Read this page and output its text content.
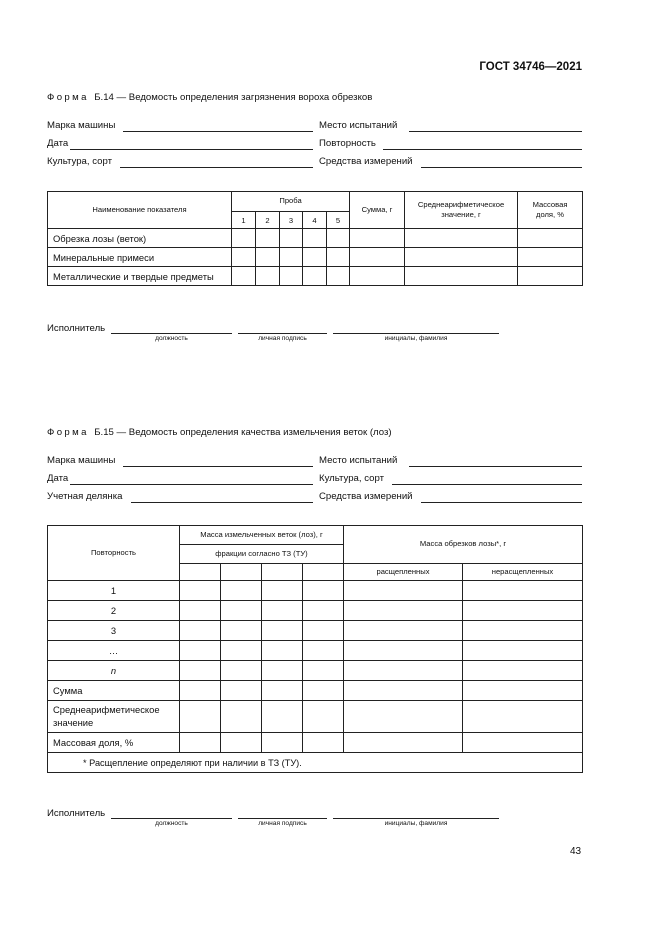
ГОСТ 34746—2021
Форма Б.14 — Ведомость определения загрязнения вороха обрезков
Марка машины
Дата
Культура, сорт
Место испытаний
Повторность
Средства измерений
Наименование показателя	Проба					Сумма, г	Среднеарифметическое значение, г	Массовая доля, %
	1	2	3	4	5			
Обрезка лозы (веток)								
Минеральные примеси								
Металлические и твердые предметы								
Исполнитель
должность	личная подпись	инициалы, фамилия
Форма Б.15 — Ведомость определения качества измельчения веток (лоз)
Марка машины
Дата
Учетная делянка
Место испытаний
Культура, сорт
Средства измерений
Повторность	Масса измельченных веток (лоз), г				Масса обрезков лозы*, г	
	фракции согласно ТЗ (ТУ)					
					расщепленных	нерасщепленных
1						
2						
3						
…						
n						
Сумма						
Среднеарифметическое значение						
Массовая доля, %						
* Расщепление определяют при наличии в ТЗ (ТУ).						
Исполнитель
должность	личная подпись	инициалы, фамилия
43
